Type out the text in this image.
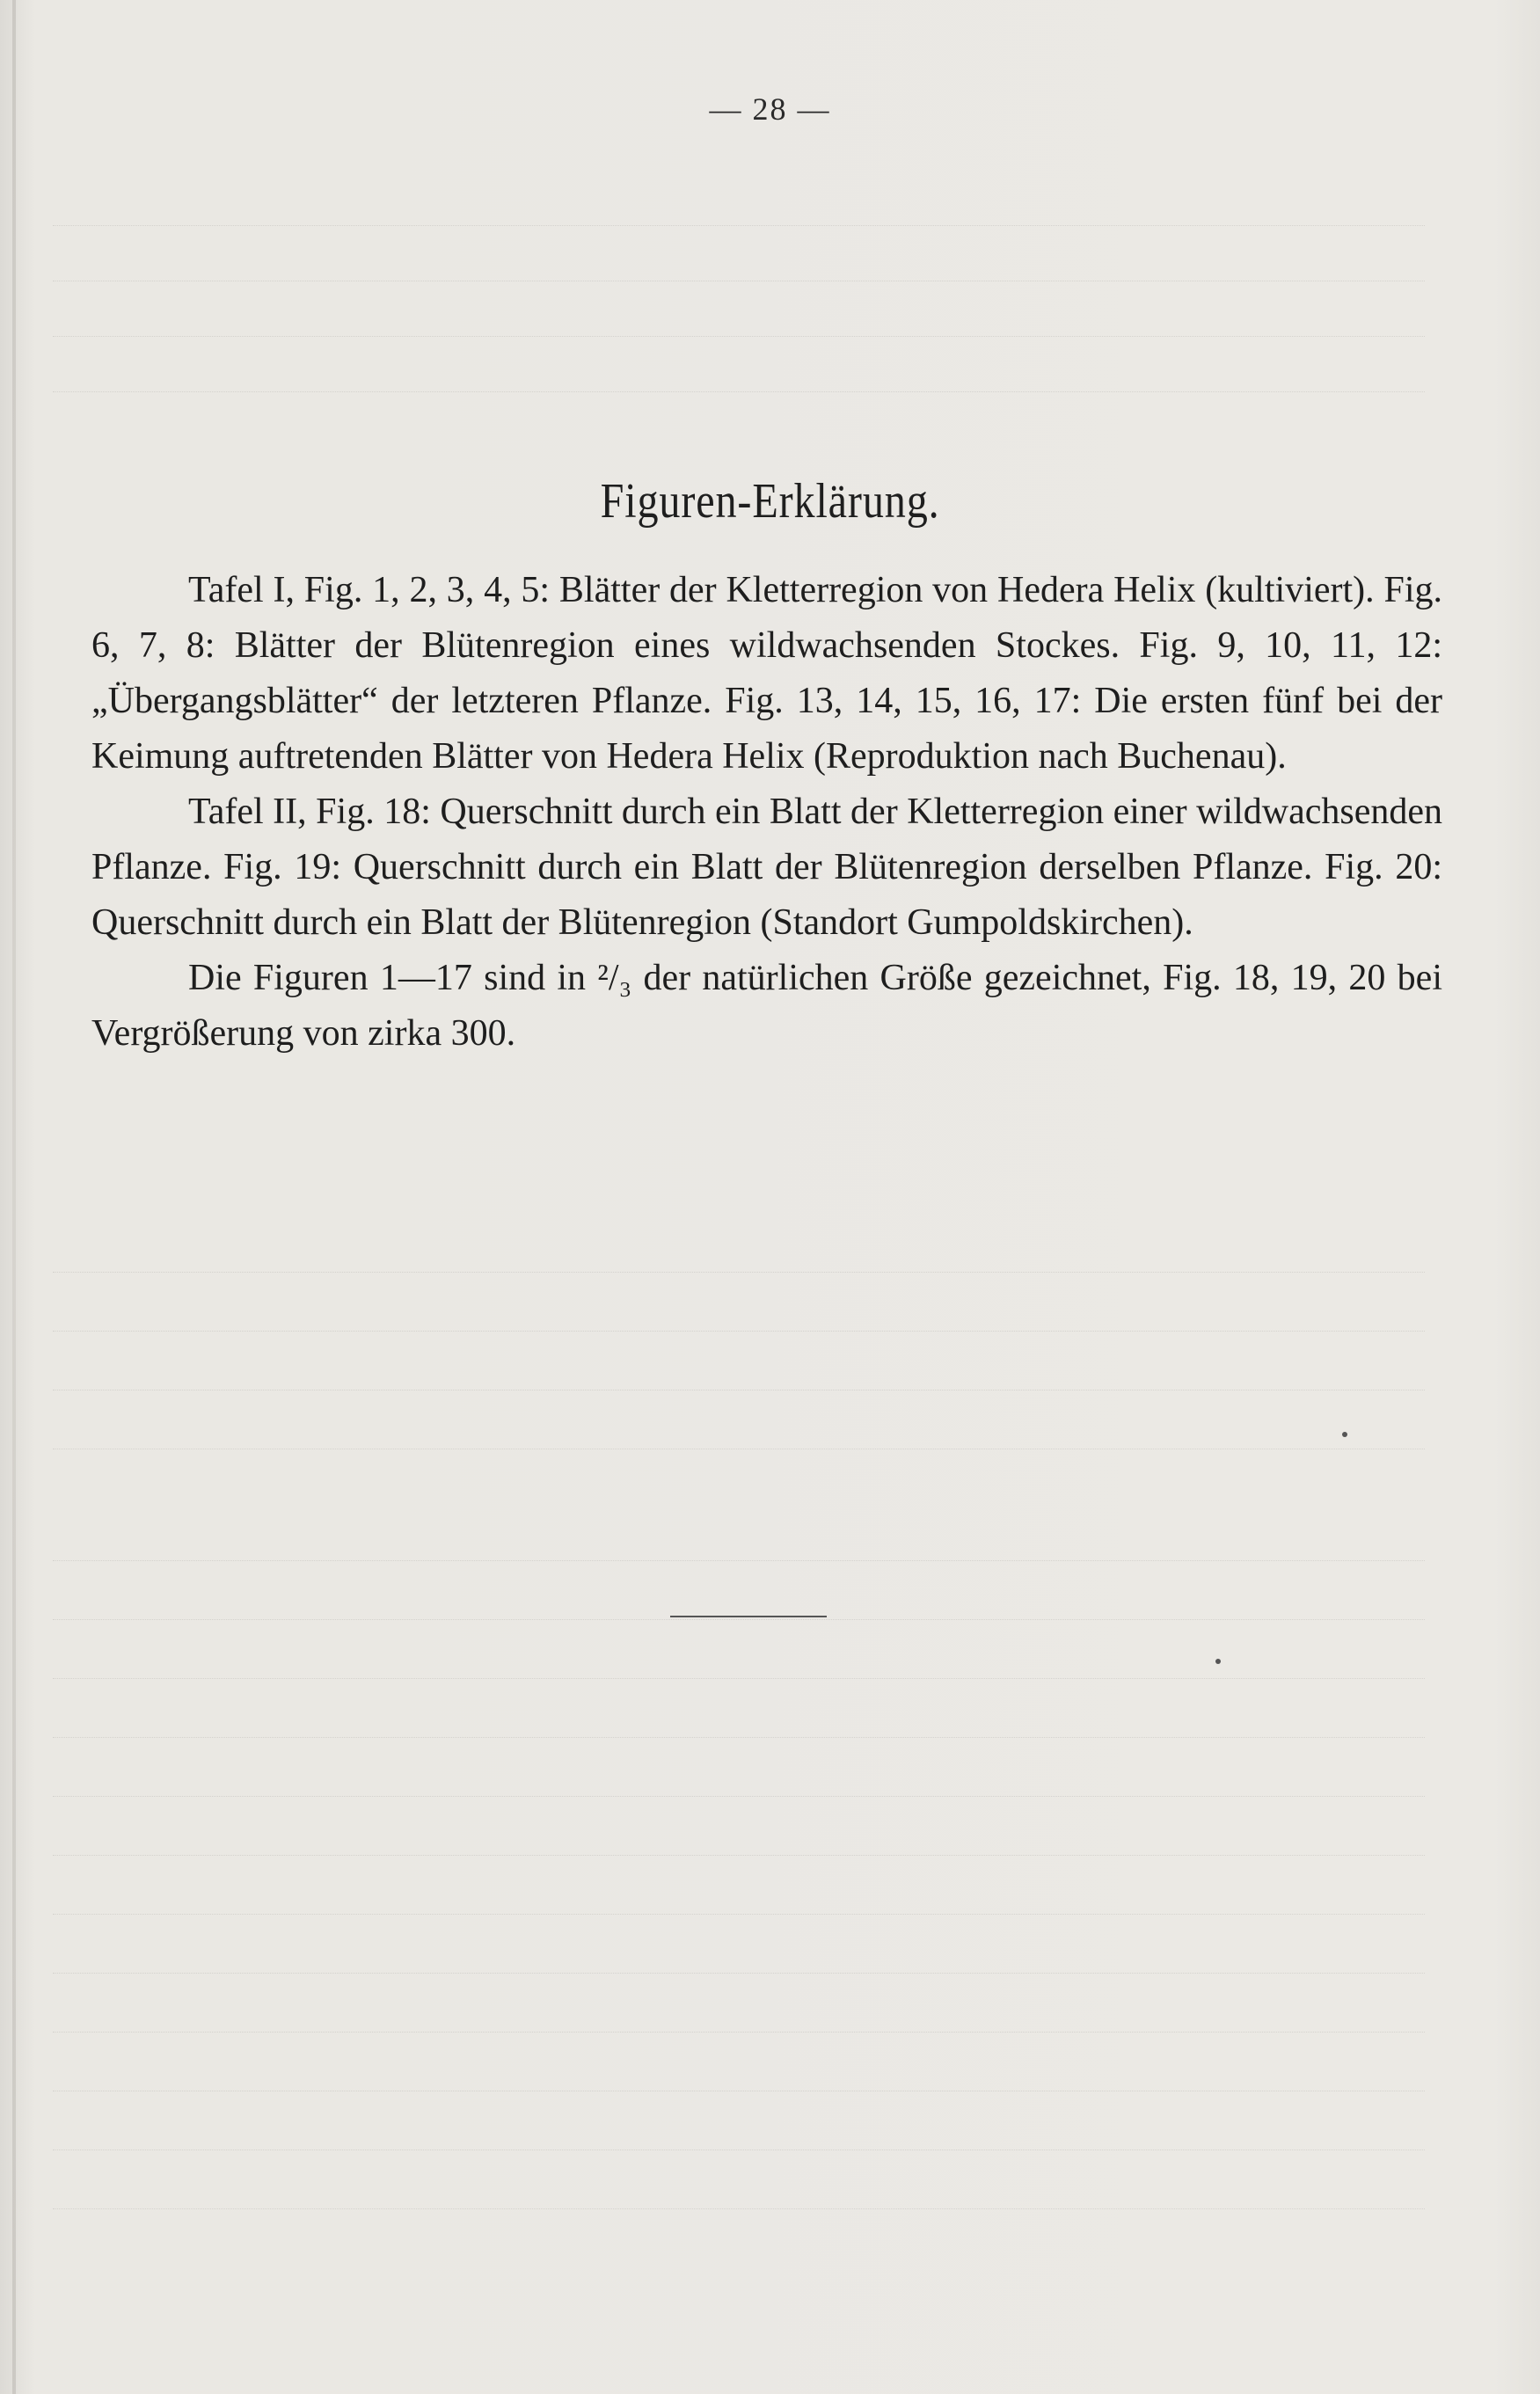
— 28 —
Figuren-Erklärung.

Tafel I, Fig. 1, 2, 3, 4, 5: Blätter der Kletterregion von Hedera Helix (kultiviert). Fig. 6, 7, 8: Blätter der Blütenregion eines wildwachsenden Stockes. Fig. 9, 10, 11, 12: „Übergangsblätter“ der letzteren Pflanze. Fig. 13, 14, 15, 16, 17: Die ersten fünf bei der Keimung auftretenden Blätter von Hedera Helix (Reproduktion nach Buchenau).

Tafel II, Fig. 18: Querschnitt durch ein Blatt der Kletterregion einer wildwachsenden Pflanze. Fig. 19: Querschnitt durch ein Blatt der Blütenregion derselben Pflanze. Fig. 20: Querschnitt durch ein Blatt der Blütenregion (Standort Gumpoldskirchen).

Die Figuren 1—17 sind in ²/₃ der natürlichen Größe gezeichnet, Fig. 18, 19, 20 bei Vergrößerung von zirka 300.
